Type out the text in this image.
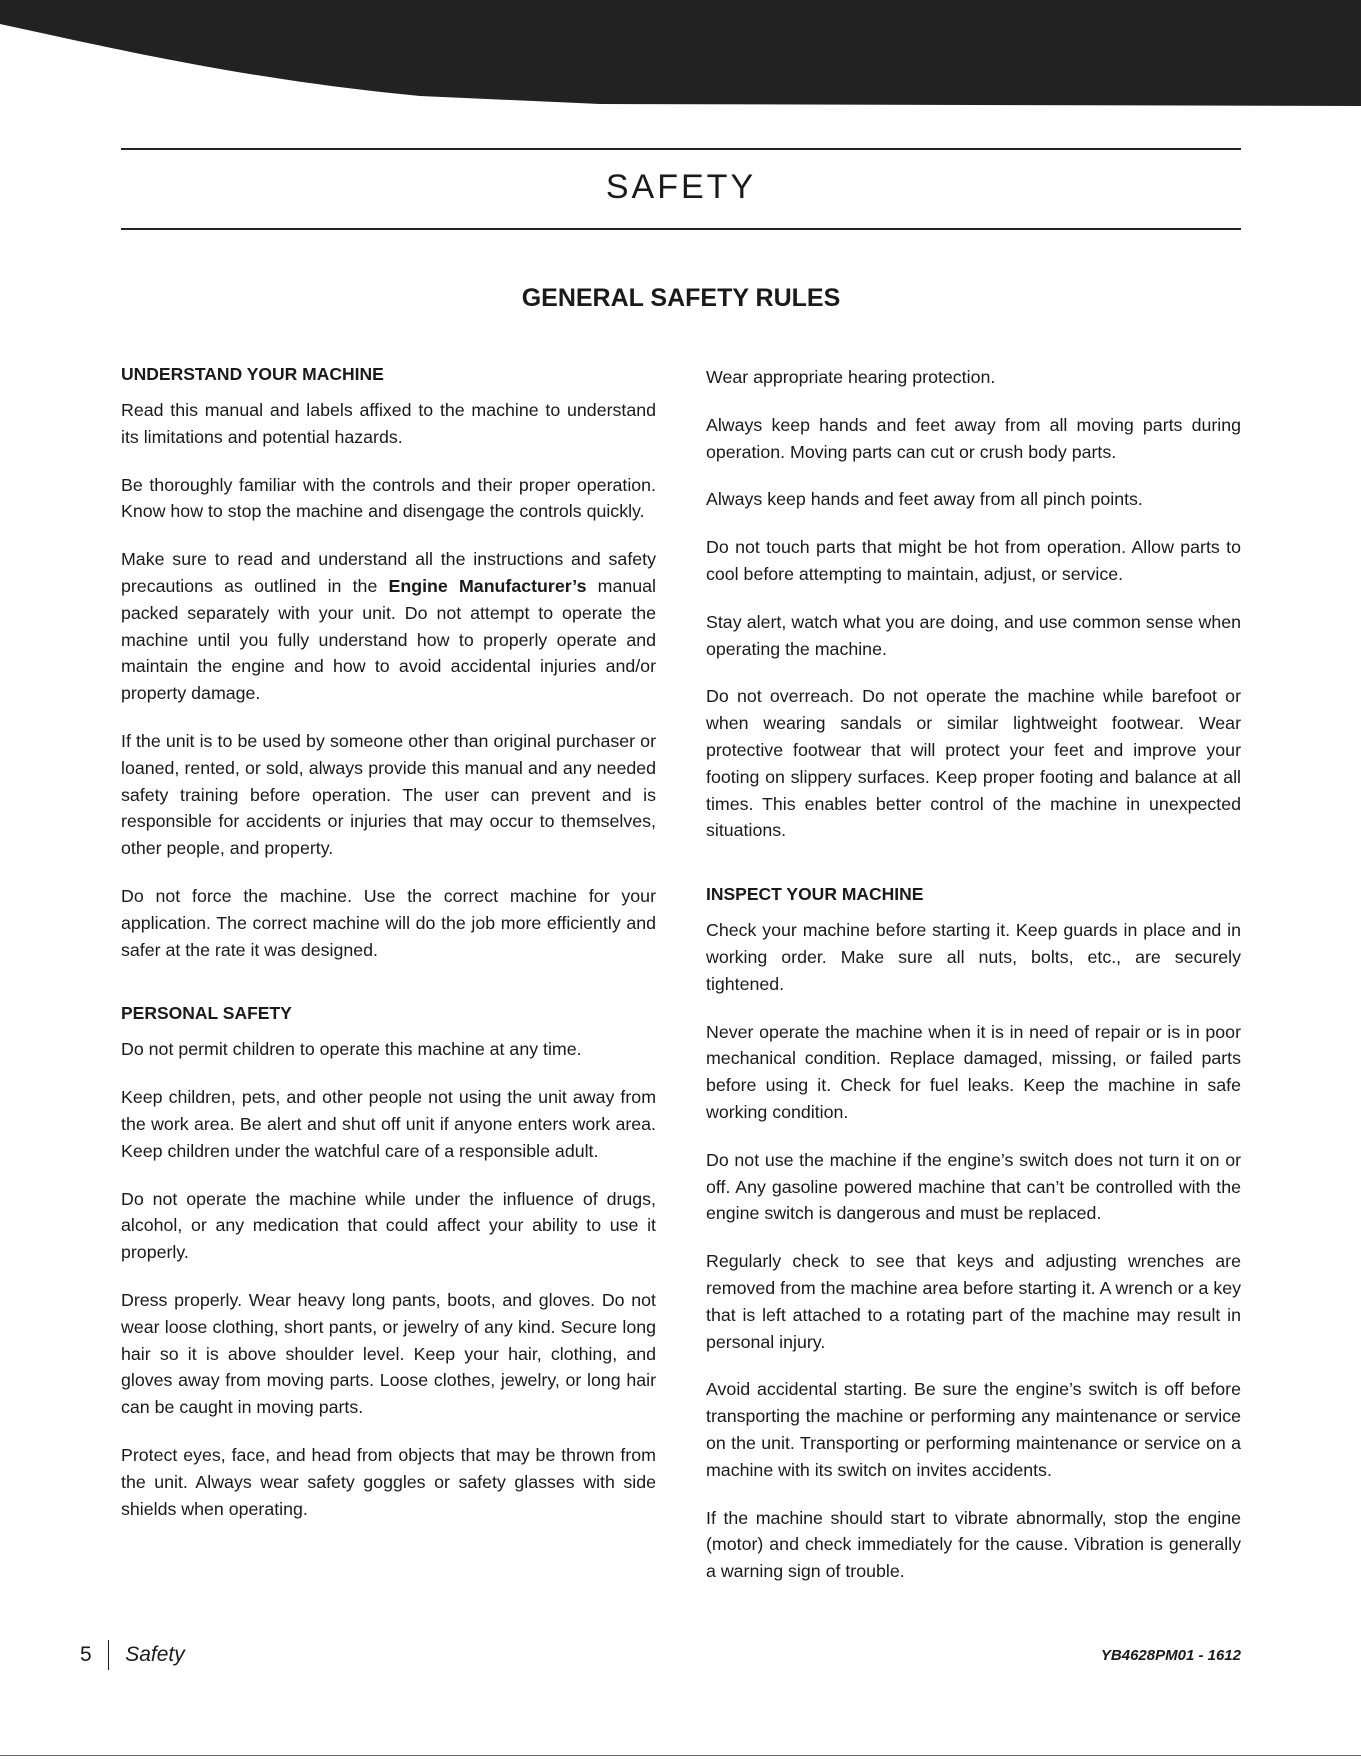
SAFETY
GENERAL SAFETY RULES
UNDERSTAND YOUR MACHINE

Read this manual and labels affixed to the machine to understand its limitations and potential hazards.

Be thoroughly familiar with the controls and their proper operation. Know how to stop the machine and disengage the controls quickly.

Make sure to read and understand all the instructions and safety precautions as outlined in the Engine Manufacturer’s manual packed separately with your unit. Do not attempt to operate the machine until you fully understand how to properly operate and maintain the engine and how to avoid accidental injuries and/or property damage.

If the unit is to be used by someone other than original purchaser or loaned, rented, or sold, always provide this manual and any needed safety training before operation. The user can prevent and is responsible for accidents or injuries that may occur to themselves, other people, and property.

Do not force the machine. Use the correct machine for your application. The correct machine will do the job more efficiently and safer at the rate it was designed.

PERSONAL SAFETY

Do not permit children to operate this machine at any time.

Keep children, pets, and other people not using the unit away from the work area. Be alert and shut off unit if anyone enters work area. Keep children under the watchful care of a responsible adult.

Do not operate the machine while under the influence of drugs, alcohol, or any medication that could affect your ability to use it properly.

Dress properly. Wear heavy long pants, boots, and gloves. Do not wear loose clothing, short pants, or jewelry of any kind. Secure long hair so it is above shoulder level. Keep your hair, clothing, and gloves away from moving parts. Loose clothes, jewelry, or long hair can be caught in moving parts.

Protect eyes, face, and head from objects that may be thrown from the unit. Always wear safety goggles or safety glasses with side shields when operating.

Wear appropriate hearing protection.

Always keep hands and feet away from all moving parts during operation. Moving parts can cut or crush body parts.

Always keep hands and feet away from all pinch points.

Do not touch parts that might be hot from operation. Allow parts to cool before attempting to maintain, adjust, or service.

Stay alert, watch what you are doing, and use common sense when operating the machine.

Do not overreach. Do not operate the machine while barefoot or when wearing sandals or similar lightweight footwear. Wear protective footwear that will protect your feet and improve your footing on slippery surfaces. Keep proper footing and balance at all times. This enables better control of the machine in unexpected situations.

INSPECT YOUR MACHINE

Check your machine before starting it. Keep guards in place and in working order. Make sure all nuts, bolts, etc., are securely tightened.

Never operate the machine when it is in need of repair or is in poor mechanical condition. Replace damaged, missing, or failed parts before using it. Check for fuel leaks. Keep the machine in safe working condition.

Do not use the machine if the engine’s switch does not turn it on or off. Any gasoline powered machine that can’t be controlled with the engine switch is dangerous and must be replaced.

Regularly check to see that keys and adjusting wrenches are removed from the machine area before starting it. A wrench or a key that is left attached to a rotating part of the machine may result in personal injury.

Avoid accidental starting. Be sure the engine’s switch is off before transporting the machine or performing any maintenance or service on the unit. Transporting or performing maintenance or service on a machine with its switch on invites accidents.

If the machine should start to vibrate abnormally, stop the engine (motor) and check immediately for the cause. Vibration is generally a warning sign of trouble.

5 Safety	YB4628PM01 - 1612
